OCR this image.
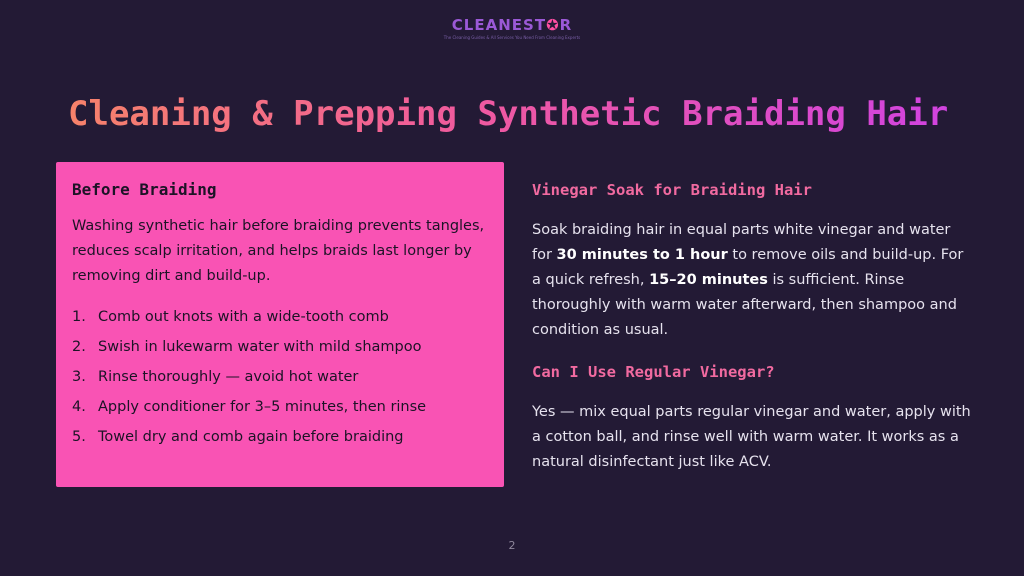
CLEANEST✪R
The Cleaning Guides & All Services You Need From Cleaning Experts
Cleaning & Prepping Synthetic Braiding Hair
Before Braiding

Washing synthetic hair before braiding prevents tangles, reduces scalp irritation, and helps braids last longer by removing dirt and build-up.

1. Comb out knots with a wide-tooth comb
2. Swish in lukewarm water with mild shampoo
3. Rinse thoroughly — avoid hot water
4. Apply conditioner for 3–5 minutes, then rinse
5. Towel dry and comb again before braiding
Vinegar Soak for Braiding Hair

Soak braiding hair in equal parts white vinegar and water for 30 minutes to 1 hour to remove oils and build-up. For a quick refresh, 15–20 minutes is sufficient. Rinse thoroughly with warm water afterward, then shampoo and condition as usual.

Can I Use Regular Vinegar?

Yes — mix equal parts regular vinegar and water, apply with a cotton ball, and rinse well with warm water. It works as a natural disinfectant just like ACV.

2
